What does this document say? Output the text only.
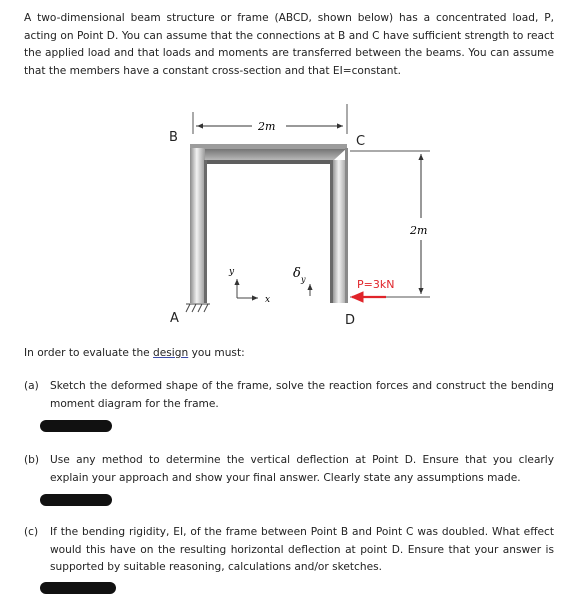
A two-dimensional beam structure or frame (ABCD, shown below) has a concentrated load, P, acting on Point D. You can assume that the connections at B and C have sufficient strength to react the applied load and that loads and moments are transferred between the beams. You can assume that the members have a constant cross-section and that EI=constant.

2m
B	C
A	D
2m
P=3kN
y
x
δ y

In order to evaluate the design you must:

(a) Sketch the deformed shape of the frame, solve the reaction forces and construct the bending moment diagram for the frame.
(b) Use any method to determine the vertical deflection at Point D. Ensure that you clearly explain your approach and show your final answer. Clearly state any assumptions made.
(c) If the bending rigidity, EI, of the frame between Point B and Point C was doubled. What effect would this have on the resulting horizontal deflection at point D. Ensure that your answer is supported by suitable reasoning, calculations and/or sketches.
